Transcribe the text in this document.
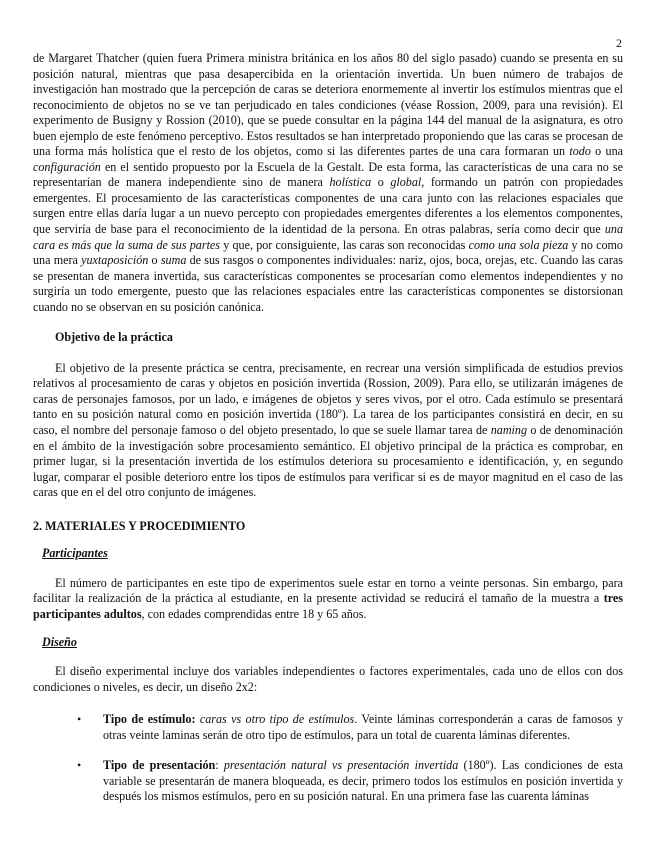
2

de Margaret Thatcher (quien fuera Primera ministra británica en los años 80 del siglo pasado) cuando se presenta en su posición natural, mientras que pasa desapercibida en la orientación invertida. Un buen número de trabajos de investigación han mostrado que la percepción de caras se deteriora enormemente al invertir los estímulos mientras que el reconocimiento de objetos no se ve tan perjudicado en tales condiciones (véase Rossion, 2009, para una revisión). El experimento de Busigny y Rossion (2010), que se puede consultar en la página 144 del manual de la asignatura, es otro buen ejemplo de este fenómeno perceptivo. Estos resultados se han interpretado proponiendo que las caras se procesan de una forma más holística que el resto de los objetos, como si las diferentes partes de una cara formaran un todo o una configuración en el sentido propuesto por la Escuela de la Gestalt. De esta forma, las características de una cara no se representarían de manera independiente sino de manera holística o global, formando un patrón con propiedades emergentes. El procesamiento de las características componentes de una cara junto con las relaciones espaciales que surgen entre ellas daría lugar a un nuevo percepto con propiedades emergentes diferentes a los elementos componentes, que serviría de base para el reconocimiento de la identidad de la persona. En otras palabras, sería como decir que una cara es más que la suma de sus partes y que, por consiguiente, las caras son reconocidas como una sola pieza y no como una mera yuxtaposición o suma de sus rasgos o componentes individuales: nariz, ojos, boca, orejas, etc. Cuando las caras se presentan de manera invertida, sus características componentes se procesarían como elementos independientes y no surgiría un todo emergente, puesto que las relaciones espaciales entre las características componentes se distorsionan cuando no se observan en su posición canónica.

Objetivo de la práctica

El objetivo de la presente práctica se centra, precisamente, en recrear una versión simplificada de estudios previos relativos al procesamiento de caras y objetos en posición invertida (Rossion, 2009). Para ello, se utilizarán imágenes de caras de personajes famosos, por un lado, e imágenes de objetos y seres vivos, por el otro. Cada estímulo se presentará tanto en su posición natural como en posición invertida (180º). La tarea de los participantes consistirá en decir, en su caso, el nombre del personaje famoso o del objeto presentado, lo que se suele llamar tarea de naming o de denominación en el ámbito de la investigación sobre procesamiento semántico. El objetivo principal de la práctica es comprobar, en primer lugar, si la presentación invertida de los estímulos deteriora su procesamiento e identificación, y, en segundo lugar, comparar el posible deterioro entre los tipos de estímulos para verificar si es de mayor magnitud en el caso de las caras que en el del otro conjunto de imágenes.

2. MATERIALES Y PROCEDIMIENTO

Participantes

El número de participantes en este tipo de experimentos suele estar en torno a veinte personas. Sin embargo, para facilitar la realización de la práctica al estudiante, en la presente actividad se reducirá el tamaño de la muestra a tres participantes adultos, con edades comprendidas entre 18 y 65 años.

Diseño

El diseño experimental incluye dos variables independientes o factores experimentales, cada uno de ellos con dos condiciones o niveles, es decir, un diseño 2x2:

• Tipo de estímulo: caras vs otro tipo de estímulos. Veinte láminas corresponderán a caras de famosos y otras veinte laminas serán de otro tipo de estímulos, para un total de cuarenta láminas diferentes.
• Tipo de presentación: presentación natural vs presentación invertida (180º). Las condiciones de esta variable se presentarán de manera bloqueada, es decir, primero todos los estímulos en posición invertida y después los mismos estímulos, pero en su posición natural. En una primera fase las cuarenta láminas
